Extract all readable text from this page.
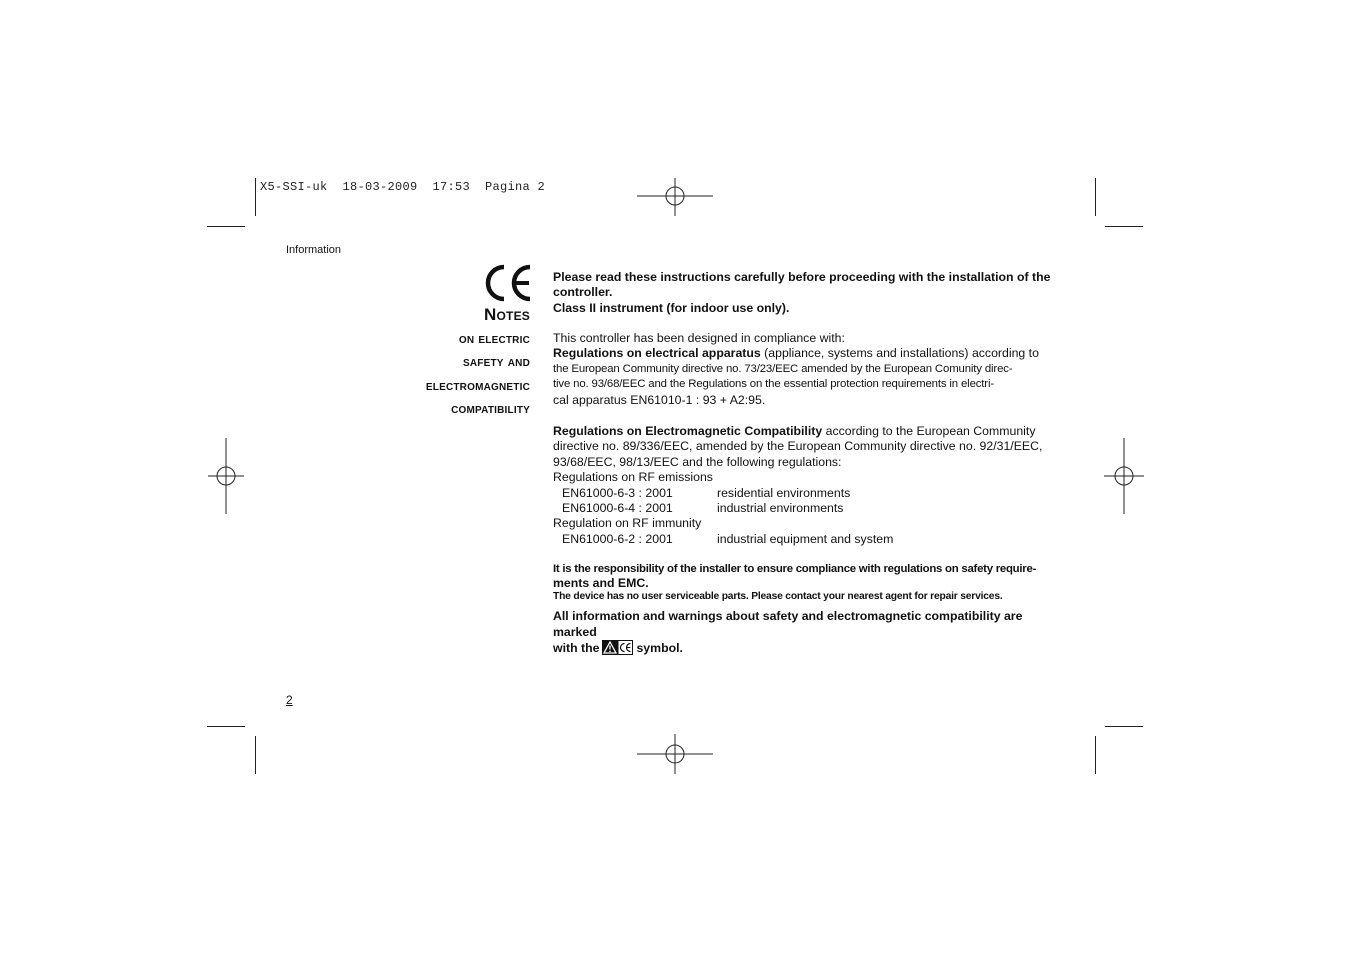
X5-SSI-uk  18-03-2009  17:53  Pagina 2
Information
Notes
on electric
safety and
electromagnetic
compatibility

Please read these instructions carefully before proceeding with the installation of the controller.

Class II instrument (for indoor use only).

This controller has been designed in compliance with:

Regulations on electrical apparatus (appliance, systems and installations) according to

the European Community directive no. 73/23/EEC amended by the European Comunity direc-

tive no. 93/68/EEC and the Regulations on the essential protection requirements in electri-

cal apparatus EN61010-1 : 93 + A2:95.

Regulations on Electromagnetic Compatibility according to the European Community

directive no. 89/336/EEC, amended by the European Community directive no. 92/31/EEC,

93/68/EEC, 98/13/EEC and the following regulations:

Regulations on RF emissions

EN61000-6-3 : 2001	residential environments
EN61000-6-4 : 2001	industrial environments

Regulation on RF immunity

EN61000-6-2 : 2001	industrial equipment and system

It is the responsibility of the installer to ensure compliance with regulations on safety require-

ments and EMC.

The device has no user serviceable parts. Please contact your nearest agent for repair services.

All information and warnings about safety and electromagnetic compatibility are marked

with the	symbol.

2
